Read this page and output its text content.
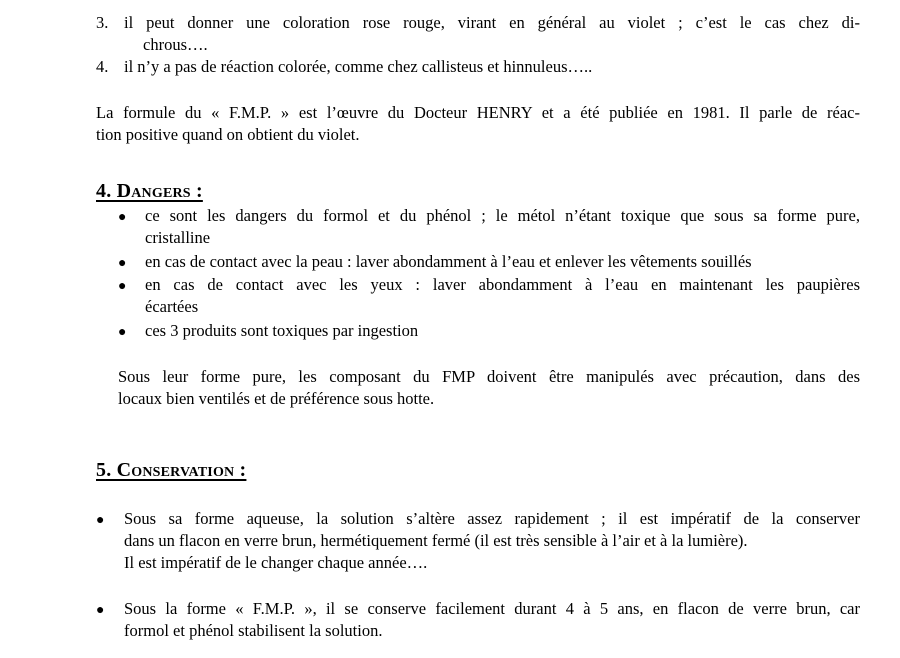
3. il peut donner une coloration rose rouge, virant en général au violet ; c’est le cas chez di-
chrous….
4. il n’y a pas de réaction colorée, comme chez callisteus et hinnuleus…..
La formule du « F.M.P. » est l’œuvre du Docteur HENRY et a été publiée en 1981. Il parle de réac-
tion positive quand on obtient du violet.
4. Dangers :
● ce sont les dangers du formol et du phénol ; le métol n’étant toxique que sous sa forme pure,
cristalline
● en cas de contact avec la peau : laver abondamment à l’eau et enlever les vêtements souillés
● en cas de contact avec les yeux : laver abondamment à l’eau en maintenant les paupières
écartées
● ces 3 produits sont toxiques par ingestion
Sous leur forme pure, les composant du FMP doivent être manipulés avec précaution, dans des
locaux bien ventilés et de préférence sous hotte.
5. Conservation :
● Sous sa forme aqueuse, la solution s’altère assez rapidement ; il est impératif de la conserver
dans un flacon en verre brun, hermétiquement fermé (il est très sensible à l’air et à la lumière).
Il est impératif de le changer chaque année….
● Sous la forme « F.M.P. », il se conserve facilement durant 4 à 5 ans, en flacon de verre brun, car
formol et phénol stabilisent la solution.
